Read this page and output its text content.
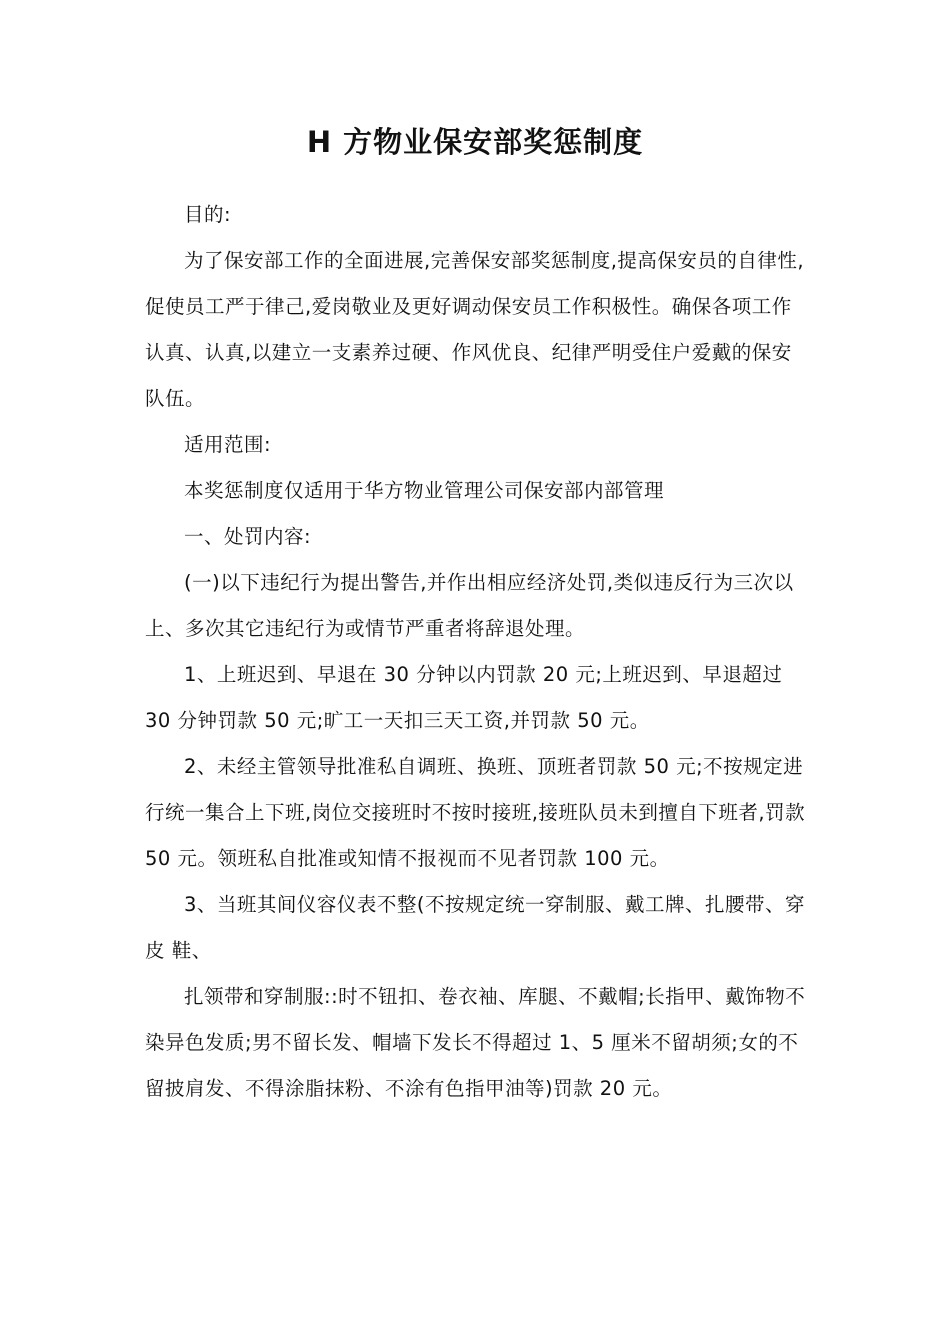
H 方物业保安部奖惩制度

目的:

为了保安部工作的全面进展,完善保安部奖惩制度,提高保安员的自律性,促使员工严于律己,爱岗敬业及更好调动保安员工作积极性。确保各项工作认真、认真,以建立一支素养过硬、作风优良、纪律严明受住户爱戴的保安队伍。

适用范围:

本奖惩制度仅适用于华方物业管理公司保安部内部管理

一、处罚内容:

(一)以下违纪行为提出警告,并作出相应经济处罚,类似违反行为三次以上、多次其它违纪行为或情节严重者将辞退处理。

1、上班迟到、早退在 30 分钟以内罚款 20 元;上班迟到、早退超过 30 分钟罚款 50 元;旷工一天扣三天工资,并罚款 50 元。

2、未经主管领导批准私自调班、换班、顶班者罚款 50 元;不按规定进行统一集合上下班,岗位交接班时不按时接班,接班队员未到擅自下班者,罚款 50 元。领班私自批准或知情不报视而不见者罚款 100 元。

3、当班其间仪容仪表不整(不按规定统一穿制服、戴工牌、扎腰带、穿皮 鞋、

扎领带和穿制服::时不钮扣、卷衣袖、库腿、不戴帽;长指甲、戴饰物不染异色发质;男不留长发、帽墙下发长不得超过 1、5 厘米不留胡须;女的不留披肩发、不得涂脂抹粉、不涂有色指甲油等)罚款 20 元。
